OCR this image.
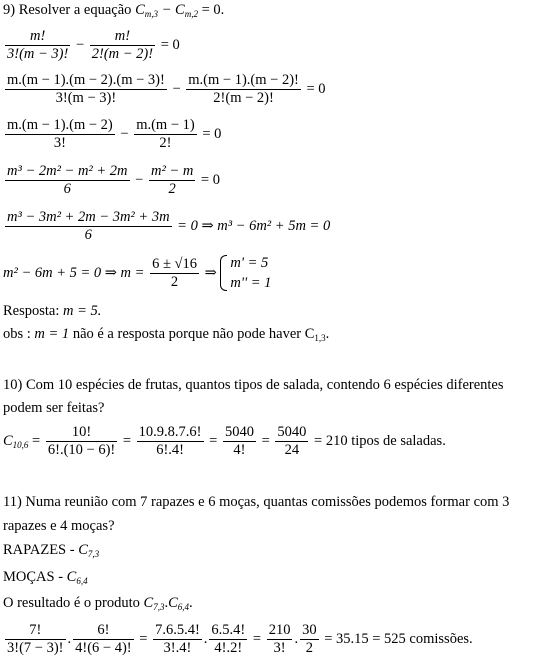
9) Resolver a equação $C_{m,3} - C_{m,2} = 0$.
$\frac{m!}{3!(m - 3)!} - \frac{m!}{2!(m - 2)!} = 0$
$\frac{m.(m - 1).(m - 2).(m - 3)!}{3!(m - 3)!} - \frac{m.(m - 1).(m - 2)!}{2!(m - 2)!} = 0$
$\frac{m.(m - 1).(m - 2)}{3!} - \frac{m.(m - 1)}{2!} = 0$
$\frac{\text{m³ − 2m² − m² + 2m}}{6} - \frac{\text{m² − m}}{2} = 0$
$\frac{\text{m³ − 3m² + 2m − 3m² + 3m}}{6} = 0$ ⇒ m³ − 6m² + 5m = 0
m² − 6m + 5 = 0 ⇒ $m = \frac{6 \pm √16}{2}$ ⇒
m' = 5
m'' = 1
Resposta: m = 5.
obs : m = 1 não é a resposta porque não pode haver $C_{1,3}$.
10) Com 10 espécies de frutas, quantos tipos de salada, contendo 6 espécies diferentes
podem ser feitas?
$C_{10,6} = \frac{10!}{6!.(10 - 6)!} = \frac{10.9.8.7.6!}{6!.4!} = \frac{5040}{4!} = \frac{5040}{24} = 210$ tipos de saladas.
11) Numa reunião com 7 rapazes e 6 moças, quantas comissões podemos formar com 3
rapazes e 4 moças?
RAPAZES - $C_{7,3}$
MOÇAS - $C_{6,4}$
O resultado é o produto $C_{7,3}.C_{6,4}$.
$\frac{7!}{3!(7 - 3)!}$ . $\frac{6!}{4!(6 - 4)!} = \frac{7.6.5.4!}{3!.4!}$ . $\frac{6.5.4!}{4!.2!} = \frac{210}{3!}$ . $\frac{30}{2} = 35.15 = 525$ comissões.
